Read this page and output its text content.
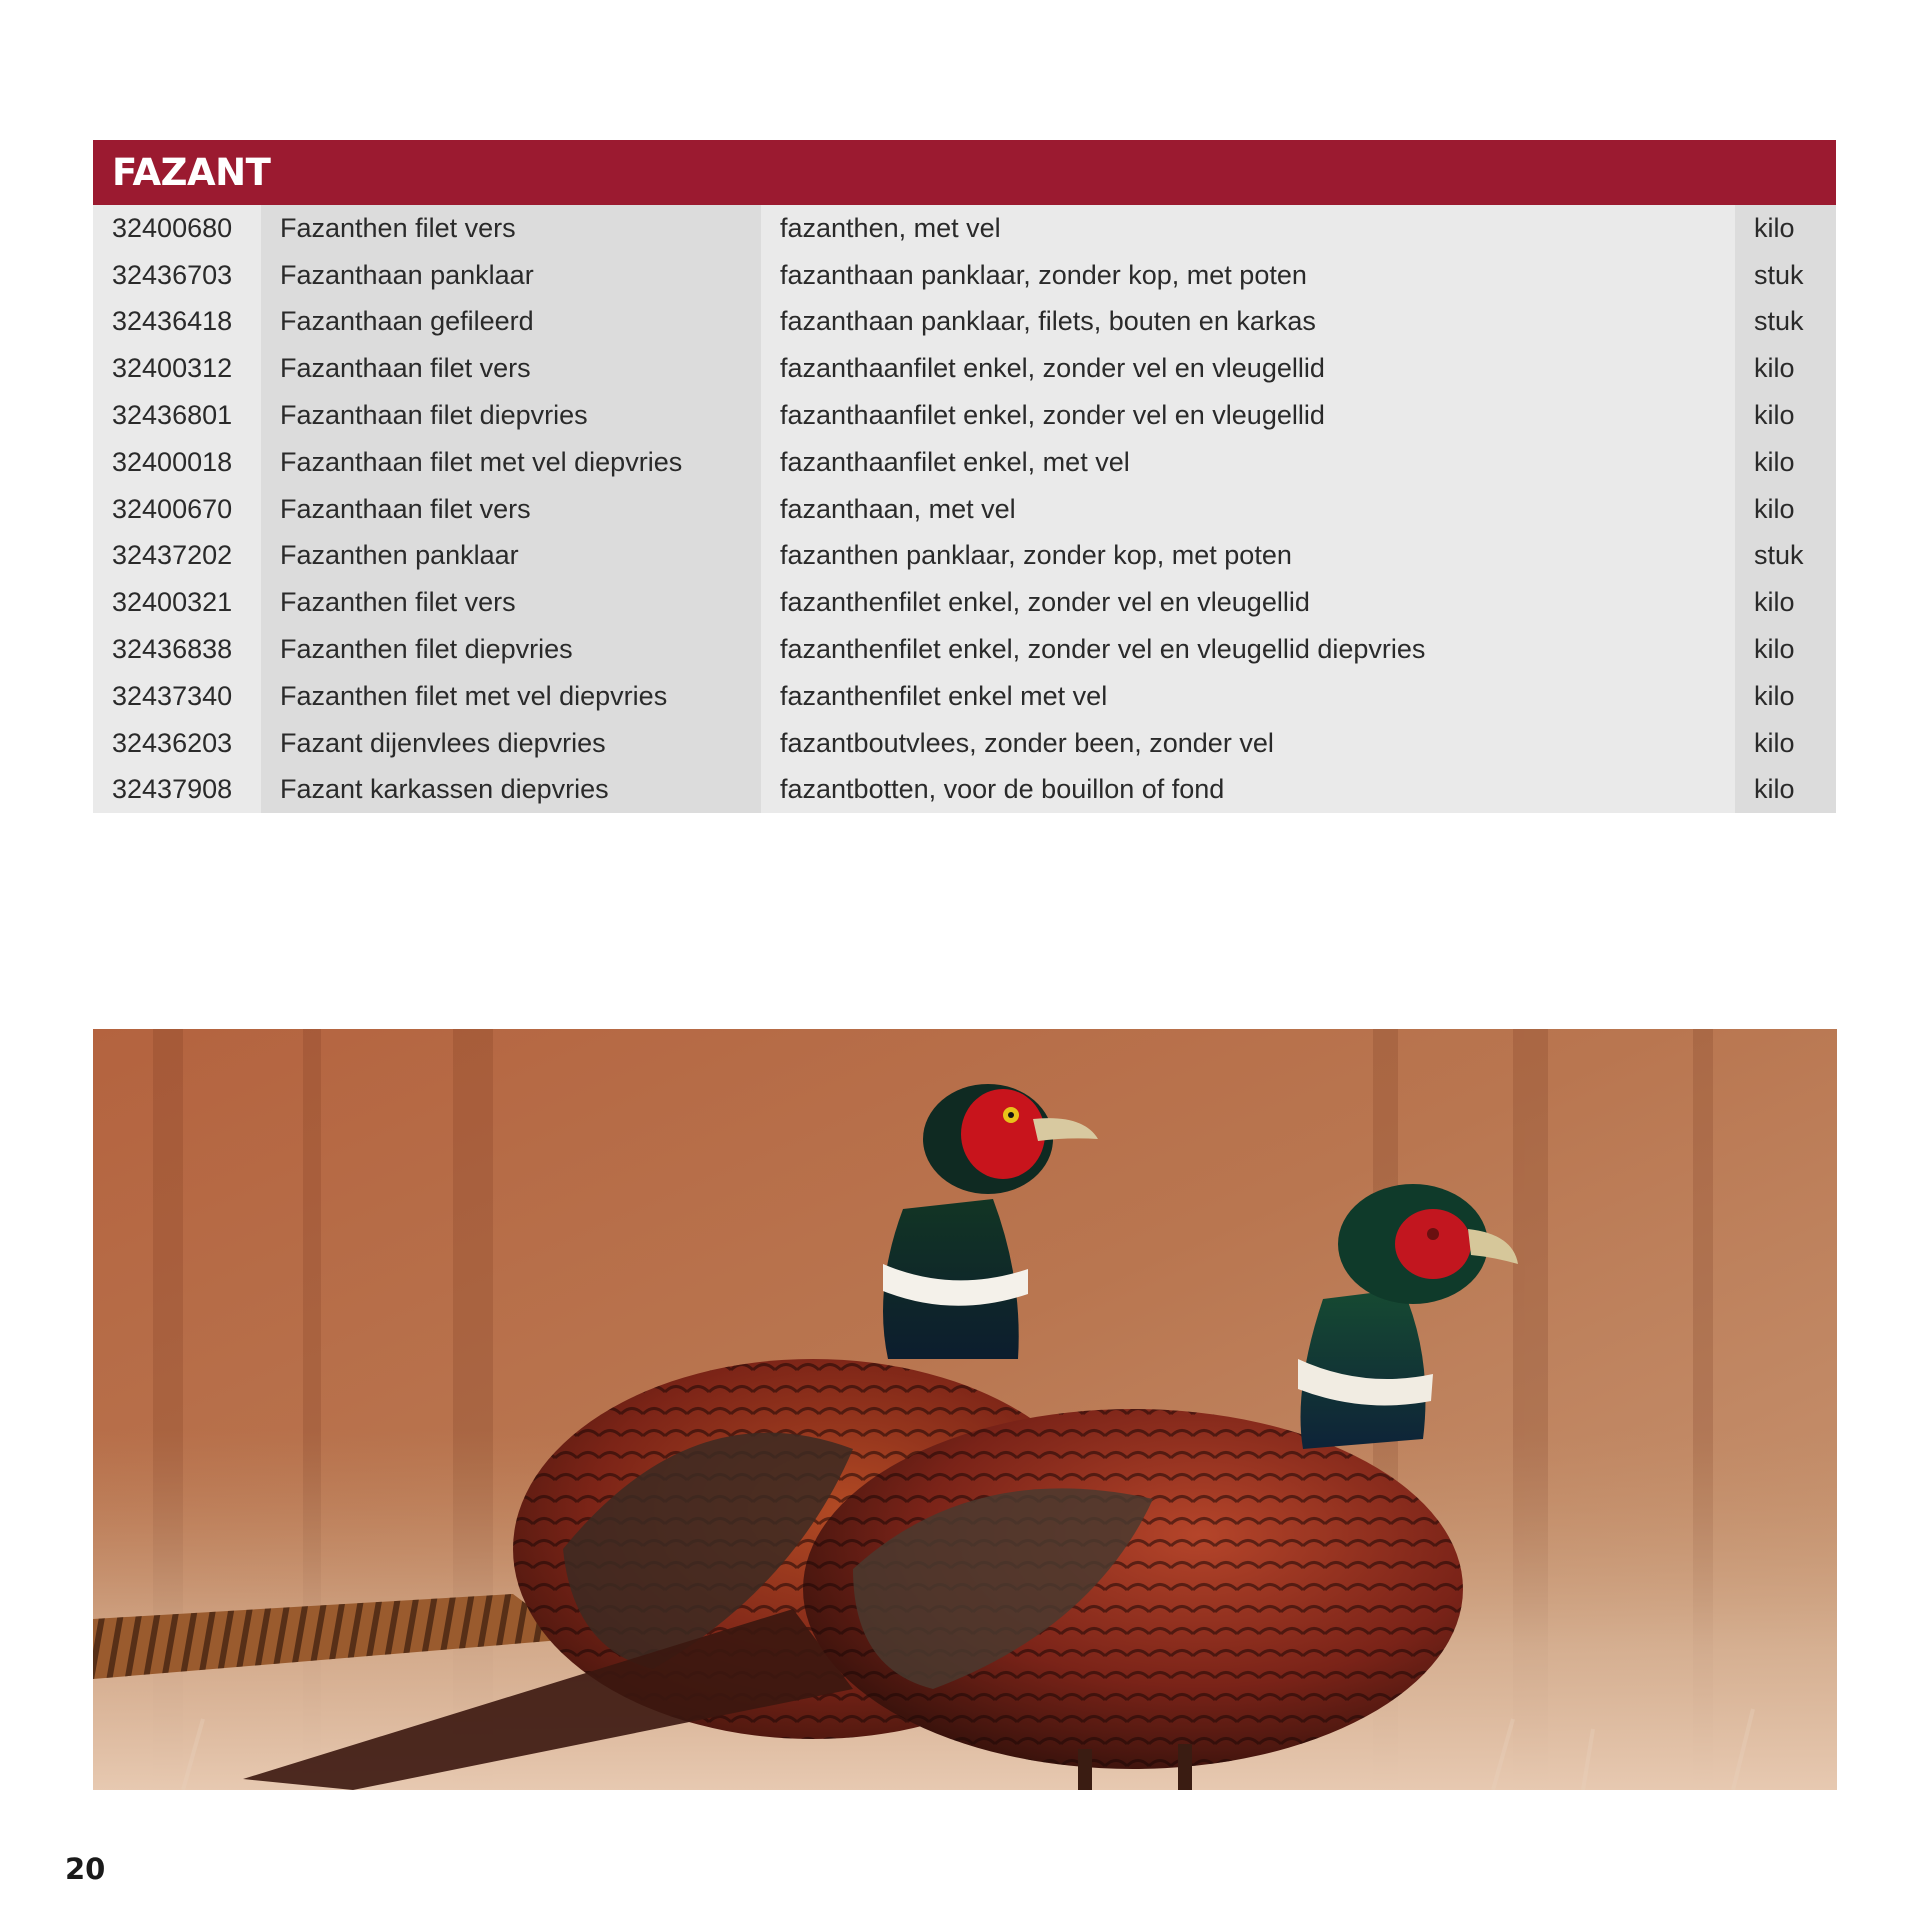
FAZANT
32400680	Fazanthen filet vers	fazanthen, met vel	kilo
32436703	Fazanthaan panklaar	fazanthaan panklaar, zonder kop, met poten	stuk
32436418	Fazanthaan gefileerd	fazanthaan panklaar, filets, bouten en karkas	stuk
32400312	Fazanthaan filet vers	fazanthaanfilet enkel, zonder vel en vleugellid	kilo
32436801	Fazanthaan filet diepvries	fazanthaanfilet enkel, zonder vel en vleugellid	kilo
32400018	Fazanthaan filet met vel diepvries	fazanthaanfilet enkel, met vel	kilo
32400670	Fazanthaan filet vers	fazanthaan, met vel	kilo
32437202	Fazanthen panklaar	fazanthen panklaar, zonder kop, met poten	stuk
32400321	Fazanthen filet vers	fazanthenfilet enkel, zonder vel en vleugellid	kilo
32436838	Fazanthen filet diepvries	fazanthenfilet enkel, zonder vel en vleugellid diepvries	kilo
32437340	Fazanthen filet met vel diepvries	fazanthenfilet enkel met vel	kilo
32436203	Fazant dijenvlees diepvries	fazantboutvlees, zonder been, zonder vel	kilo
32437908	Fazant karkassen diepvries	fazantbotten, voor de bouillon of fond	kilo
20
